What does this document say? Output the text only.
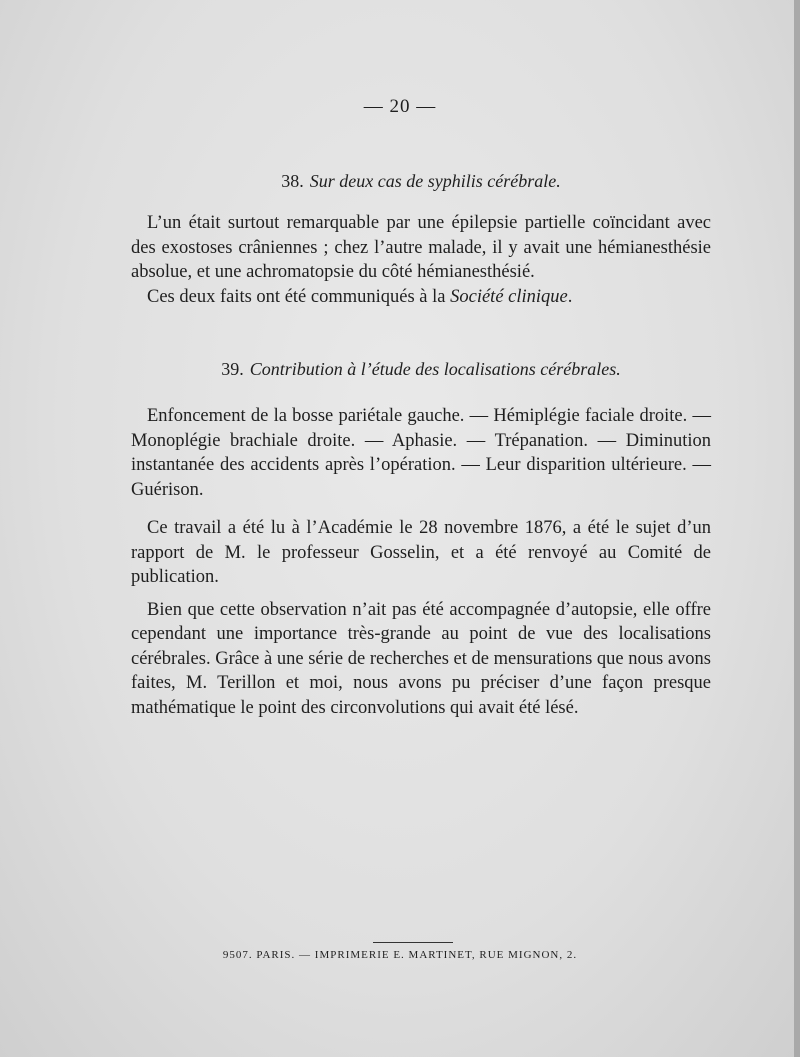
— 20 —
38. Sur deux cas de syphilis cérébrale.

L’un était surtout remarquable par une épilepsie partielle coïncidant avec des exostoses crâniennes ; chez l’autre malade, il y avait une hémianesthésie absolue, et une achromatopsie du côté hémianesthésié.

Ces deux faits ont été communiqués à la Société clinique.

39. Contribution à l’étude des localisations cérébrales.

Enfoncement de la bosse pariétale gauche. — Hémiplégie faciale droite. — Monoplégie brachiale droite. — Aphasie. — Trépanation. — Diminution instantanée des accidents après l’opération. — Leur disparition ultérieure. — Guérison.

Ce travail a été lu à l’Académie le 28 novembre 1876, a été le sujet d’un rapport de M. le professeur Gosselin, et a été renvoyé au Comité de publication.

Bien que cette observation n’ait pas été accompagnée d’autopsie, elle offre cependant une importance très-grande au point de vue des localisations cérébrales. Grâce à une série de recherches et de mensurations que nous avons faites, M. Terillon et moi, nous avons pu préciser d’une façon presque mathématique le point des circonvolutions qui avait été lésé.

9507. PARIS. — IMPRIMERIE E. MARTINET, RUE MIGNON, 2.
